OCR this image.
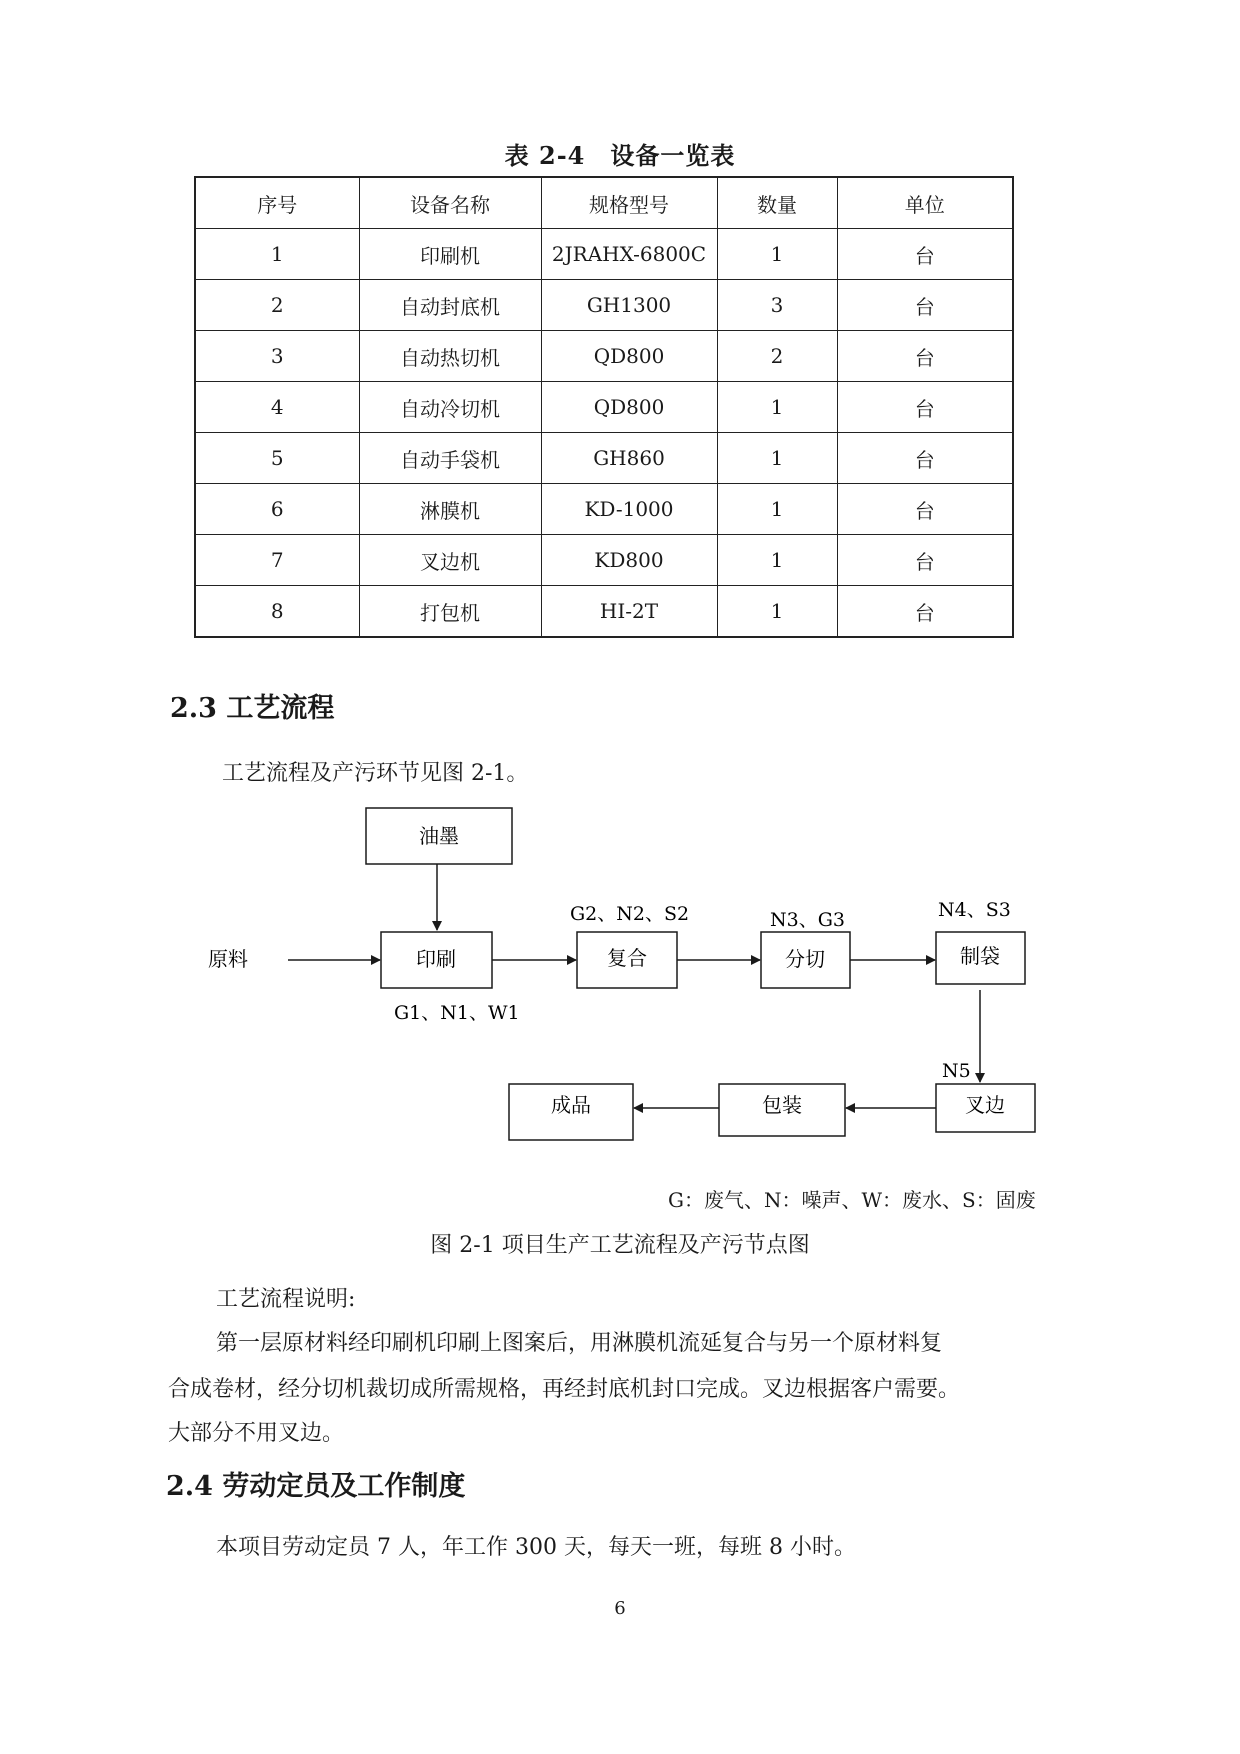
表 2-4　设备一览表
序号	设备名称	规格型号	数量	单位
1	印刷机	2JRAHX-6800C	1	台
2	自动封底机	GH1300	3	台
3	自动热切机	QD800	2	台
4	自动冷切机	QD800	1	台
5	自动手袋机	GH860	1	台
6	淋膜机	KD-1000	1	台
7	叉边机	KD800	1	台
8	打包机	HI-2T	1	台
2.3 工艺流程
工艺流程及产污环节见图 2-1。
油墨
原料	印刷
G1、N1、W1
复合
G2、N2、S2
分切
N3、G3
制袋
N4、S3
N5
叉边
包装
成品
G：废气、N：噪声、W：废水、S：固废
图 2-1 项目生产工艺流程及产污节点图
工艺流程说明:
第一层原材料经印刷机印刷上图案后，用淋膜机流延复合与另一个原材料复
合成卷材，经分切机裁切成所需规格，再经封底机封口完成。叉边根据客户需要。
大部分不用叉边。
2.4 劳动定员及工作制度
本项目劳动定员 7 人，年工作 300 天，每天一班，每班 8 小时。
6
